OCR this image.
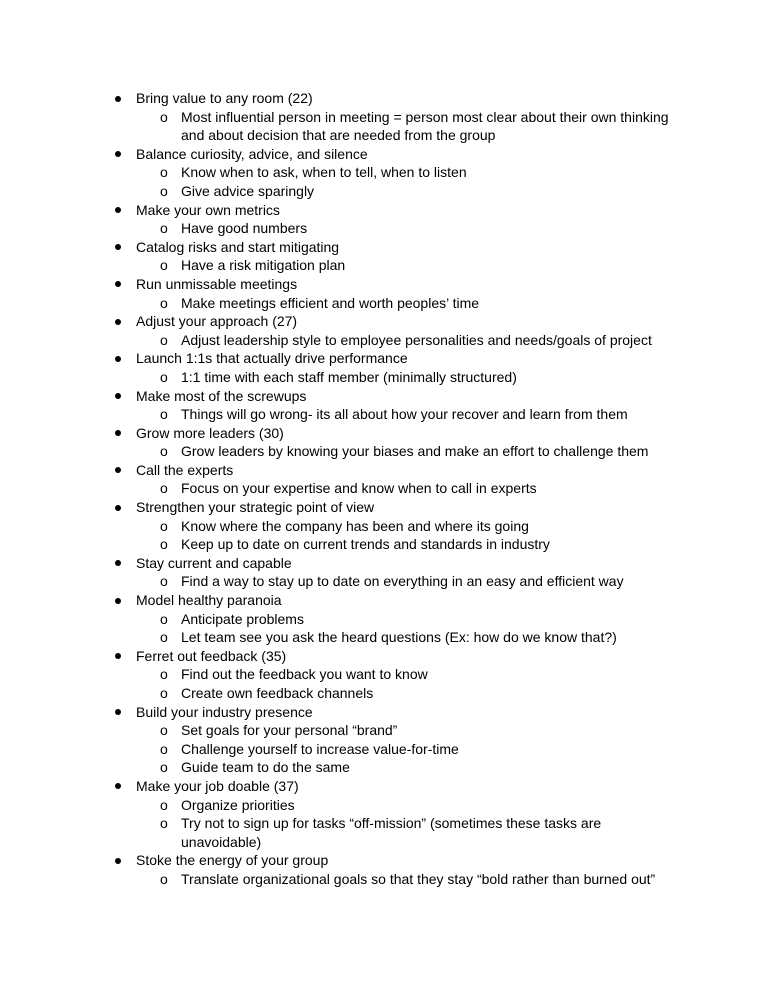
Bring value to any room (22)
o Most influential person in meeting = person most clear about their own thinking and about decision that are needed from the group
Balance curiosity, advice, and silence
o Know when to ask, when to tell, when to listen
o Give advice sparingly
Make your own metrics
o Have good numbers
Catalog risks and start mitigating
o Have a risk mitigation plan
Run unmissable meetings
o Make meetings efficient and worth peoples’ time
Adjust your approach (27)
o Adjust leadership style to employee personalities and needs/goals of project
Launch 1:1s that actually drive performance
o 1:1 time with each staff member (minimally structured)
Make most of the screwups
o Things will go wrong- its all about how your recover and learn from them
Grow more leaders (30)
o Grow leaders by knowing your biases and make an effort to challenge them
Call the experts
o Focus on your expertise and know when to call in experts
Strengthen your strategic point of view
o Know where the company has been and where its going
o Keep up to date on current trends and standards in industry
Stay current and capable
o Find a way to stay up to date on everything in an easy and efficient way
Model healthy paranoia
o Anticipate problems
o Let team see you ask the heard questions (Ex: how do we know that?)
Ferret out feedback (35)
o Find out the feedback you want to know
o Create own feedback channels
Build your industry presence
o Set goals for your personal “brand”
o Challenge yourself to increase value-for-time
o Guide team to do the same
Make your job doable (37)
o Organize priorities
o Try not to sign up for tasks “off-mission” (sometimes these tasks are unavoidable)
Stoke the energy of your group
o Translate organizational goals so that they stay “bold rather than burned out”
